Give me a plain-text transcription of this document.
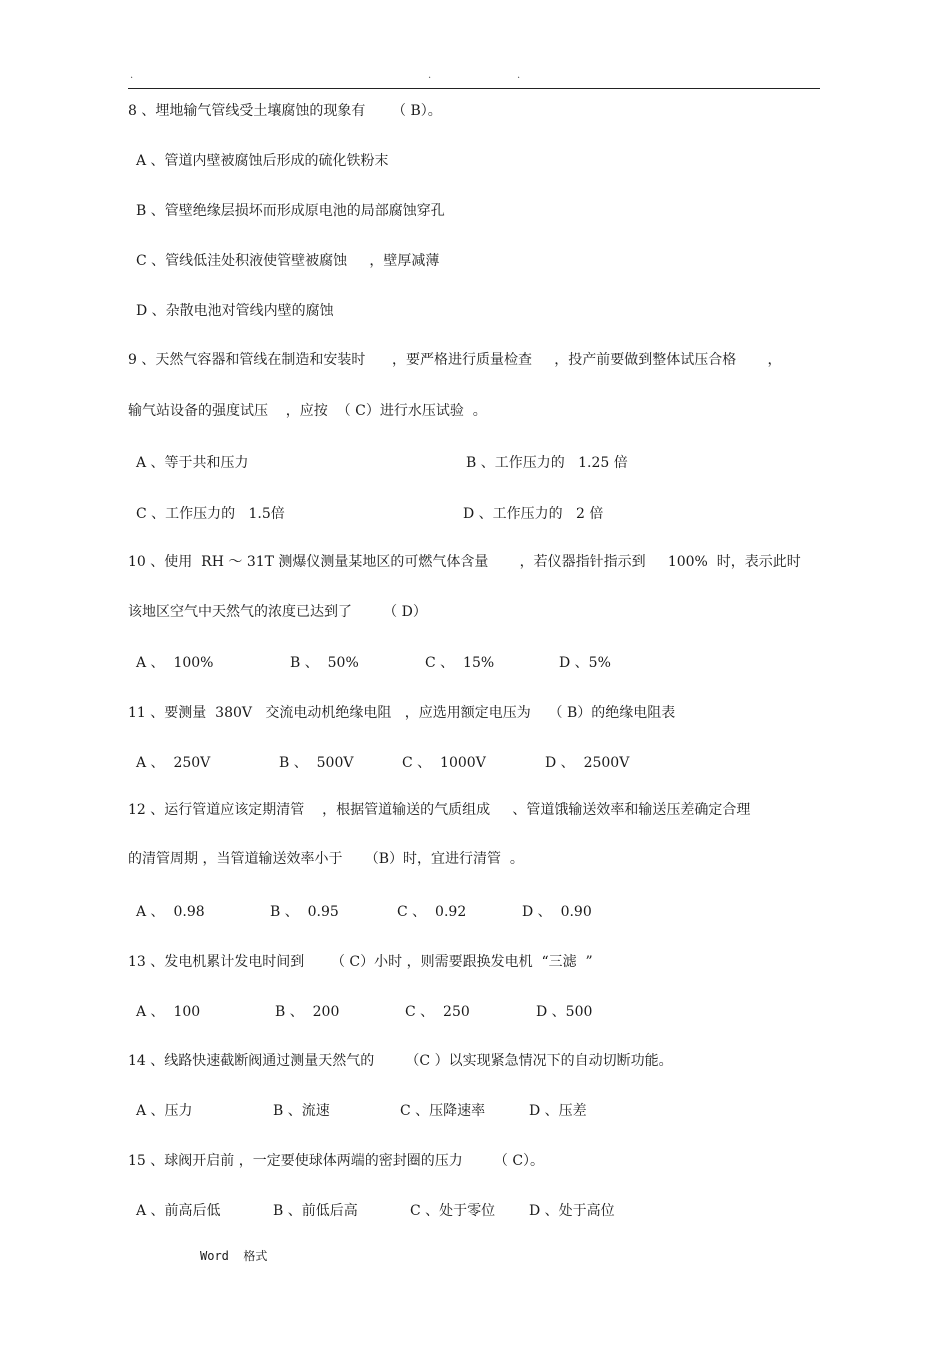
.	.	.
8 、埋地输气管线受土壤腐蚀的现象有      （ B）。
A 、管道内壁被腐蚀后形成的硫化铁粉末
B 、管壁绝缘层损坏而形成原电池的局部腐蚀穿孔
C 、管线低洼处积液使管壁被腐蚀     ，壁厚减薄
D 、杂散电池对管线内壁的腐蚀
9 、天然气容器和管线在制造和安装时      ，要严格进行质量检查     ，投产前要做到整体试压合格       ，
输气站设备的强度试压    ，应按  （ C）进行水压试验  。
A 、等于共和压力	B 、工作压力的   1.25 倍
C 、工作压力的   1.5倍	D 、工作压力的   2 倍
10 、使用  RH ～ 31T 测爆仪测量某地区的可燃气体含量       ，若仪器指针指示到     100%  时，表示此时
该地区空气中天然气的浓度已达到了       （ D）
A 、  100%	B 、  50%	C 、  15%	D 、5%
11 、要测量  380V   交流电动机绝缘电阻   ，应选用额定电压为    （ B）的绝缘电阻表
A 、  250V	B 、  500V	C 、  1000V	D 、  2500V
12 、运行管道应该定期清管    ，根据管道输送的气质组成     、管道饿输送效率和输送压差确定合理
的清管周期 ，当管道输送效率小于     （B）时，宜进行清管  。
A 、  0.98	B 、  0.95	C 、  0.92	D 、  0.90
13 、发电机累计发电时间到      （ C）小时 ，则需要跟换发电机  “三滤  ”
A 、  100	B 、  200	C 、  250	D 、500
14 、线路快速截断阀通过测量天然气的       （C ）以实现紧急情况下的自动切断功能。
A 、压力	B 、流速	C 、压降速率	D 、压差
15 、球阀开启前 ，一定要使球体两端的密封圈的压力       （ C）。
A 、前高后低	B 、前低后高	C 、处于零位 D 、处于高位
Word  格式
